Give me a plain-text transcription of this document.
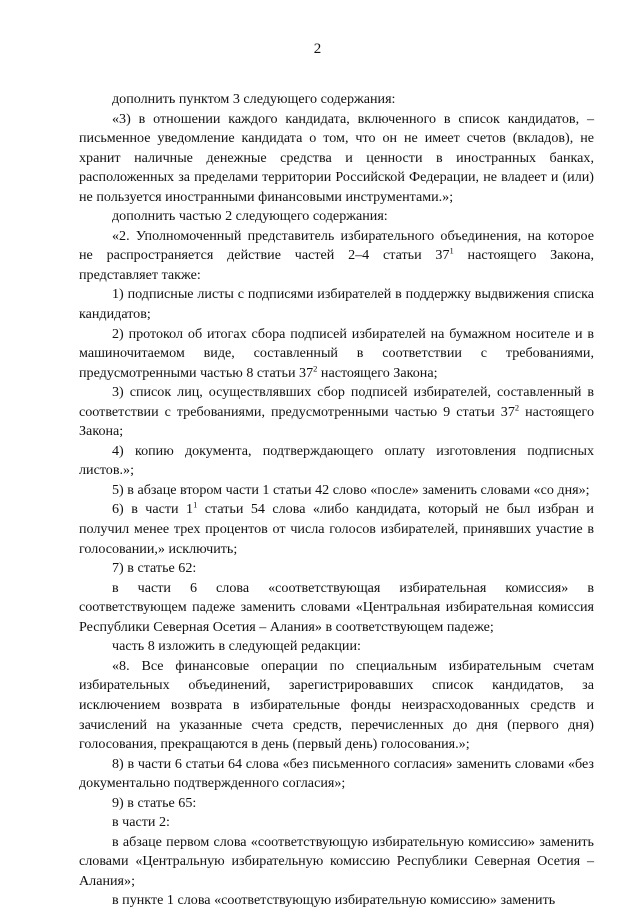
2

дополнить пунктом 3 следующего содержания:

«3) в отношении каждого кандидата, включенного в список кандидатов, – письменное уведомление кандидата о том, что он не имеет счетов (вкладов), не хранит наличные денежные средства и ценности в иностранных банках, расположенных за пределами территории Российской Федерации, не владеет и (или) не пользуется иностранными финансовыми инструментами.»;

дополнить частью 2 следующего содержания:

«2. Уполномоченный представитель избирательного объединения, на которое не распространяется действие частей 2–4 статьи $37^1$ настоящего Закона, представляет также:

1) подписные листы с подписями избирателей в поддержку выдвижения списка кандидатов;

2) протокол об итогах сбора подписей избирателей на бумажном носителе и в машиночитаемом виде, составленный в соответствии с требованиями, предусмотренными частью 8 статьи $37^2$ настоящего Закона;

3) список лиц, осуществлявших сбор подписей избирателей, составленный в соответствии с требованиями, предусмотренными частью 9 статьи $37^2$ настоящего Закона;

4) копию документа, подтверждающего оплату изготовления подписных листов.»;

5) в абзаце втором части 1 статьи 42 слово «после» заменить словами «со дня»;

6) в части $1^1$ статьи 54 слова «либо кандидата, который не был избран и получил менее трех процентов от числа голосов избирателей, принявших участие в голосовании,» исключить;

7) в статье 62:

в части 6 слова «соответствующая избирательная комиссия» в соответствующем падеже заменить словами «Центральная избирательная комиссия Республики Северная Осетия – Алания» в соответствующем падеже;

часть 8 изложить в следующей редакции:

«8. Все финансовые операции по специальным избирательным счетам избирательных объединений, зарегистрировавших список кандидатов, за исключением возврата в избирательные фонды неизрасходованных средств и зачислений на указанные счета средств, перечисленных до дня (первого дня) голосования, прекращаются в день (первый день) голосования.»;

8) в части 6 статьи 64 слова «без письменного согласия» заменить словами «без документально подтвержденного согласия»;

9) в статье 65:

в части 2:

в абзаце первом слова «соответствующую избирательную комиссию» заменить словами «Центральную избирательную комиссию Республики Северная Осетия – Алания»;

в пункте 1 слова «соответствующую избирательную комиссию» заменить
